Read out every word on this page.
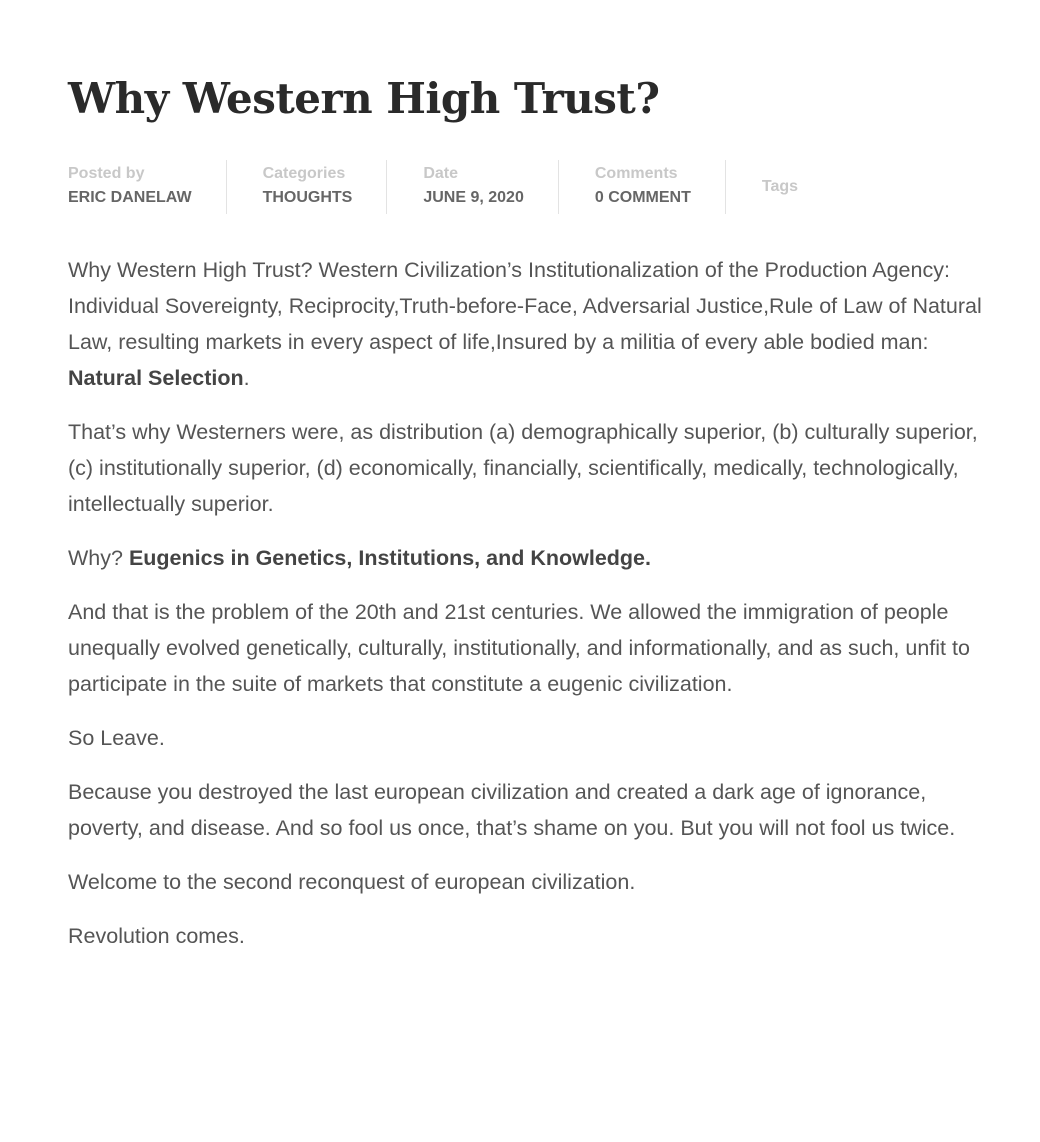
Why Western High Trust?
Posted by
ERIC DANELAW
Categories
THOUGHTS
Date
JUNE 9, 2020
Comments
0 COMMENT
Tags

Why Western High Trust? Western Civilization’s Institutionalization of the Production Agency: Individual Sovereignty, Reciprocity,Truth-before-Face, Adversarial Justice,Rule of Law of Natural Law, resulting markets in every aspect of life,Insured by a militia of every able bodied man: Natural Selection.

That’s why Westerners were, as distribution (a) demographically superior, (b) culturally superior, (c) institutionally superior, (d) economically, financially, scientifically, medically, technologically, intellectually superior.

Why? Eugenics in Genetics, Institutions, and Knowledge.

And that is the problem of the 20th and 21st centuries. We allowed the immigration of people unequally evolved genetically, culturally, institutionally, and informationally, and as such, unfit to participate in the suite of markets that constitute a eugenic civilization.

So Leave.

Because you destroyed the last european civilization and created a dark age of ignorance, poverty, and disease. And so fool us once, that’s shame on you. But you will not fool us twice.

Welcome to the second reconquest of european civilization.

Revolution comes.
